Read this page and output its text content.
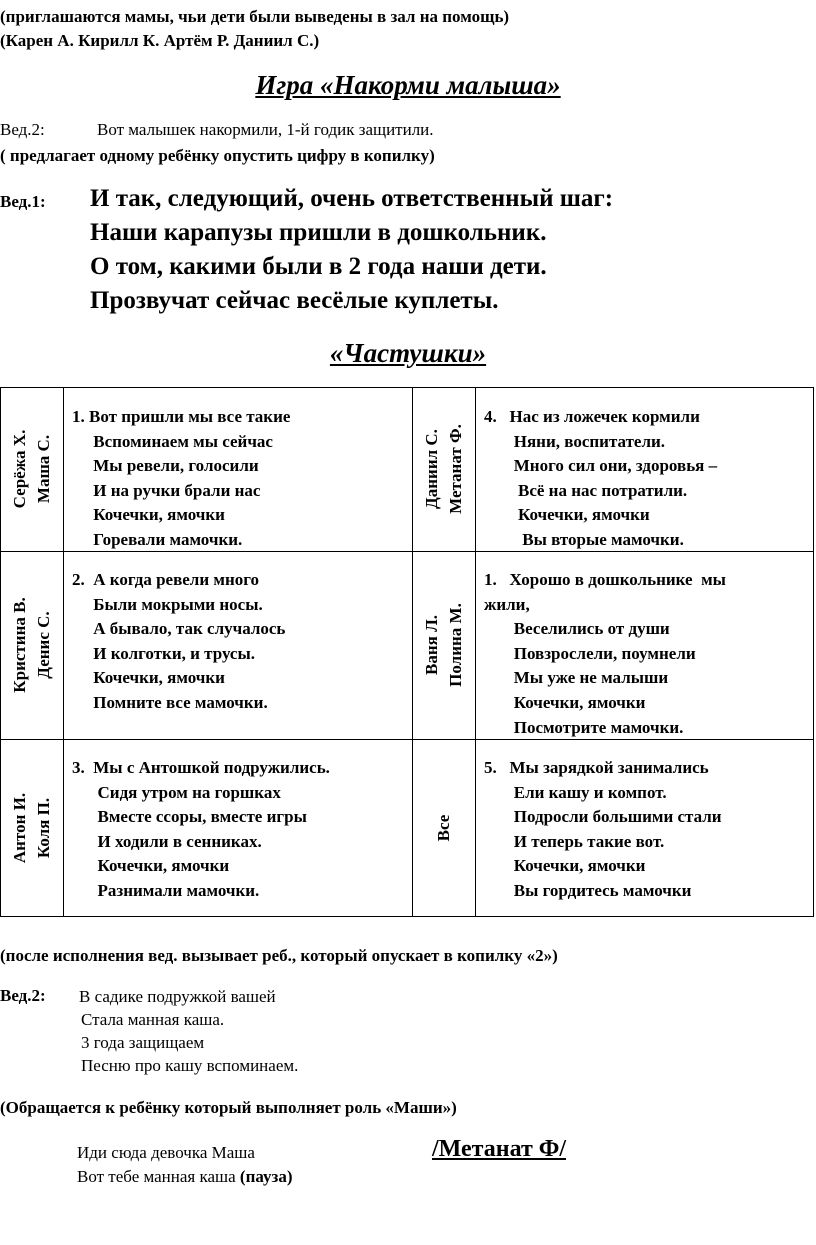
(приглашаются мамы, чьи дети были выведены в зал на помощь)
(Карен А. Кирилл К. Артём Р. Даниил С.)
Игра «Накорми малыша»
Вед.2:	Вот малышек накормили, 1-й годик защитили.
( предлагает одному ребёнку опустить цифру в копилку)
Вед.1: И так, следующий, очень ответственный шаг:
Наши карапузы пришли в дошкольник.
О том, какими были в 2 года наши дети.
Прозвучат сейчас весёлые куплеты.
«Частушки»
Серёжа Х. Маша С.
1. Вот пришли мы все такие
Вспоминаем мы сейчас
Мы ревели, голосили
И на ручки брали нас
Кочечки, ямочки
Горевали мамочки.
Даниил С. Метанат Ф.
4.   Нас из ложечек кормили
Няни, воспитатели.
Много сил они, здоровья –
Всё на нас потратили.
Кочечки, ямочки
Вы вторые мамочки.
Кристина В. Денис С.
2.  А когда ревели много
Были мокрыми носы.
А бывало, так случалось
И колготки, и трусы.
Кочечки, ямочки
Помните все мамочки.
Ваня Л. Полина М.
1.   Хорошо в дошкольнике  мы
жили,
Веселились от души
Повзрослели, поумнели
Мы уже не малыши
Кочечки, ямочки
Посмотрите мамочки.
Антон И. Коля П.
3.  Мы с Антошкой подружились.
Сидя утром на горшках
Вместе ссоры, вместе игры
И ходили в сенниках.
Кочечки, ямочки
Разнимали мамочки.
Все
5.   Мы зарядкой занимались
Ели кашу и компот.
Подросли большими стали
И теперь такие вот.
Кочечки, ямочки
Вы гордитесь мамочки
(после исполнения вед. вызывает реб., который опускает в копилку «2»)
Вед.2: В садике подружкой вашей
Стала манная каша.
3 года защищаем
Песню про кашу вспоминаем.
(Обращается к ребёнку который выполняет роль «Маши»)
Иди сюда девочка Маша	/Метанат Ф/
Вот тебе манная каша (пауза)
